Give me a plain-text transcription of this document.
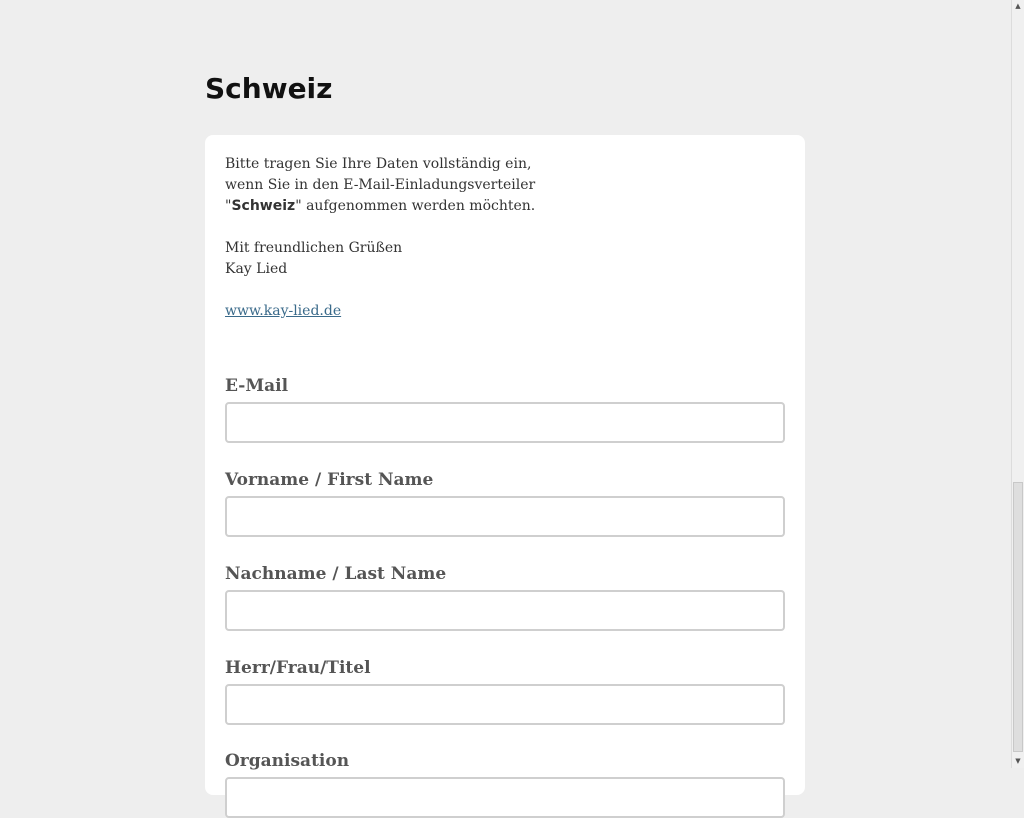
Schweiz

Bitte tragen Sie Ihre Daten vollständig ein,

wenn Sie in den E-Mail-Einladungsverteiler

"Schweiz" aufgenommen werden möchten.

Mit freundlichen Grüßen

Kay Lied

www.kay-lied.de

E-Mail
Vorname / First Name
Nachname / Last Name
Herr/Frau/Titel
Organisation
▲
▼
